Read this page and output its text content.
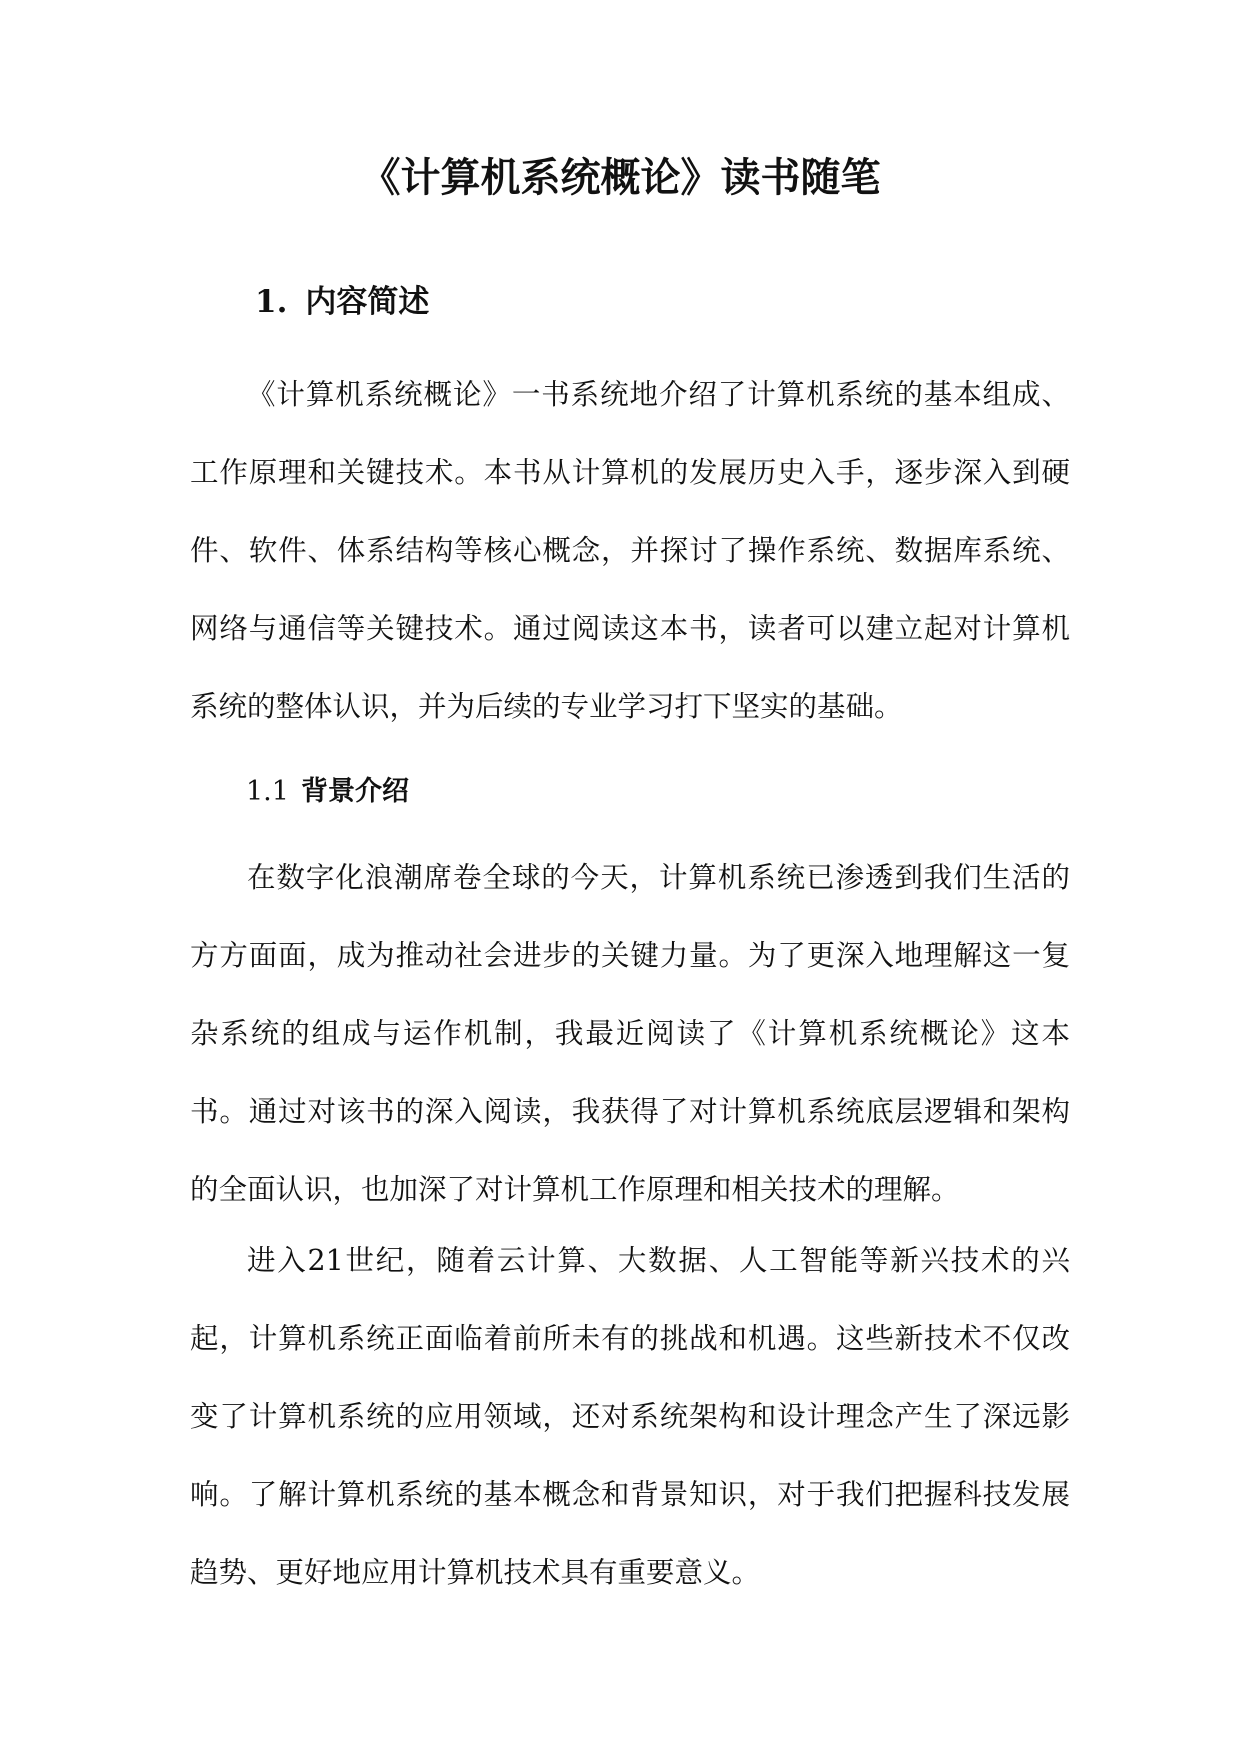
《计算机系统概论》读书随笔
1. 内容简述

《计算机系统概论》一书系统地介绍了计算机系统的基本组成、工作原理和关键技术。本书从计算机的发展历史入手，逐步深入到硬件、软件、体系结构等核心概念，并探讨了操作系统、数据库系统、网络与通信等关键技术。通过阅读这本书，读者可以建立起对计算机系统的整体认识，并为后续的专业学习打下坚实的基础。

1.1 背景介绍

在数字化浪潮席卷全球的今天，计算机系统已渗透到我们生活的方方面面，成为推动社会进步的关键力量。为了更深入地理解这一复杂系统的组成与运作机制，我最近阅读了《计算机系统概论》这本书。通过对该书的深入阅读，我获得了对计算机系统底层逻辑和架构的全面认识，也加深了对计算机工作原理和相关技术的理解。

进入21世纪，随着云计算、大数据、人工智能等新兴技术的兴起，计算机系统正面临着前所未有的挑战和机遇。这些新技术不仅改变了计算机系统的应用领域，还对系统架构和设计理念产生了深远影响。了解计算机系统的基本概念和背景知识，对于我们把握科技发展趋势、更好地应用计算机技术具有重要意义。
